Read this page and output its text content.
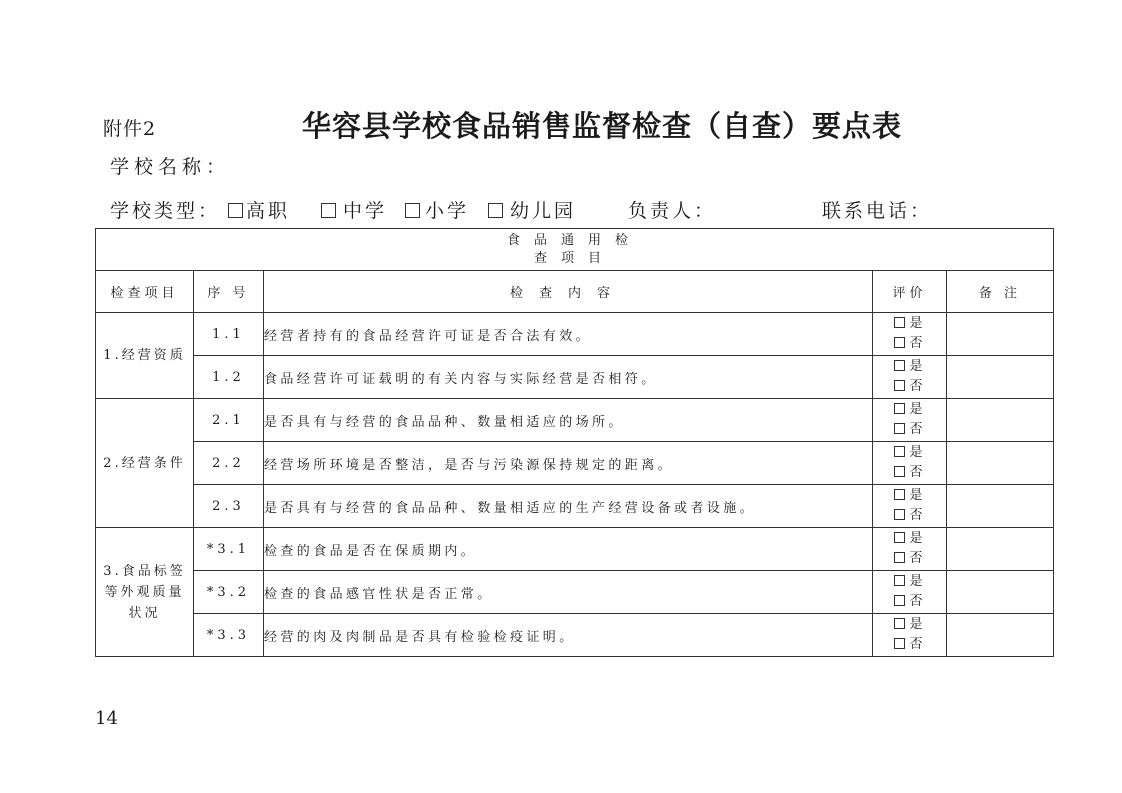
附件2	华容县学校食品销售监督检查（自查）要点表
学校名称：
学校类型：	高职	中学	小学	幼儿园	负责人：	联系电话：
食品通用检
查项目				

检查项目	序 号	检查内容	评价	备 注
1.经营资质	1.1	经营者持有的食品经营许可证是否合法有效。	是
否	

	1.2	食品经营许可证载明的有关内容与实际经营是否相符。	是
否	

2.经营条件	2.1	是否具有与经营的食品品种、数量相适应的场所。	是
否	

	2.2	经营场所环境是否整洁，是否与污染源保持规定的距离。	是
否	

	2.3	是否具有与经营的食品品种、数量相适应的生产经营设备或者设施。	是
否	

3.食品标签等外观质量状况	*3.1	检查的食品是否在保质期内。	是
否	

	*3.2	检查的食品感官性状是否正常。	是
否	

	*3.3	经营的肉及肉制品是否具有检验检疫证明。	是
否	

14
